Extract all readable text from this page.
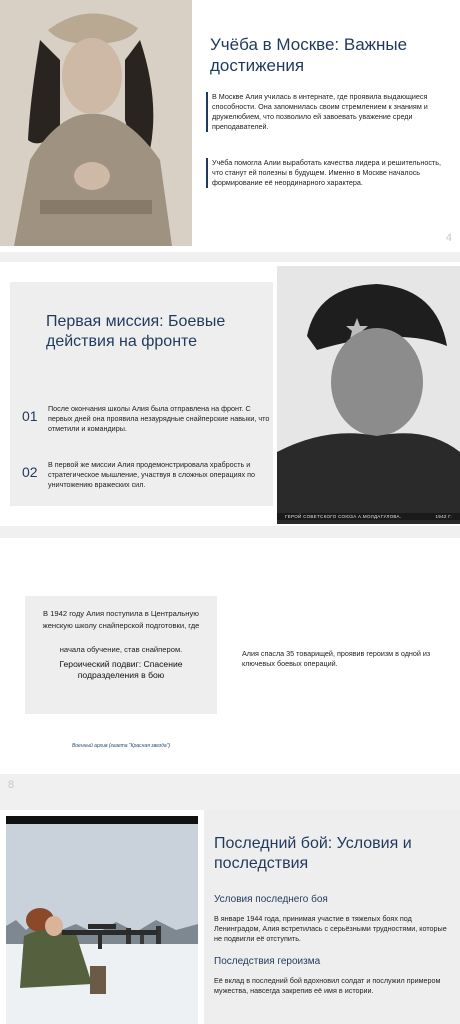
Учёба в Москве: Важные достижения

В Москве Алия училась в интернате, где проявила выдающиеся способности. Она запомнилась своим стремлением к знаниям и дружелюбием, что позволило ей завоевать уважение среди преподавателей.

Учёба помогла Алии выработать качества лидера и решительность, что станут ей полезны в будущем. Именно в Москве началось формирование её неординарного характера.

4
Первая миссия: Боевые действия на фронте
01 После окончания школы Алия была отправлена на фронт. С первых дней она проявила незаурядные снайперские навыки, что отметили и командиры.

02 В первой же миссии Алия продемонстрировала храбрость и стратегическое мышление, участвуя в сложных операциях по уничтожению вражеских сил.

ГЕРОЙ СОВЕТСКОГО СОЮЗА А.МОЛДАГУЛОВА.	1942 Г.

В 1942 году Алия поступила в Центральную женскую школу снайперской подготовки, где

начала обучение, став снайпером.

Героический подвиг: Спасение подразделения в бою

Военный архив (газета "Красная звезда")

Алия спасла 35 товарищей, проявив героизм в одной из ключевых боевых операций.

8
Последний бой: Условия и последствия
Условия последнего боя

В январе 1944 года, принимая участие в тяжелых боях под Ленинградом, Алия встретилась с серьёзными трудностями, которые не подвигли её отступить.

Последствия героизма

Её вклад в последний бой вдохновил солдат и послужил примером мужества, навсегда закрепив её имя в истории.
